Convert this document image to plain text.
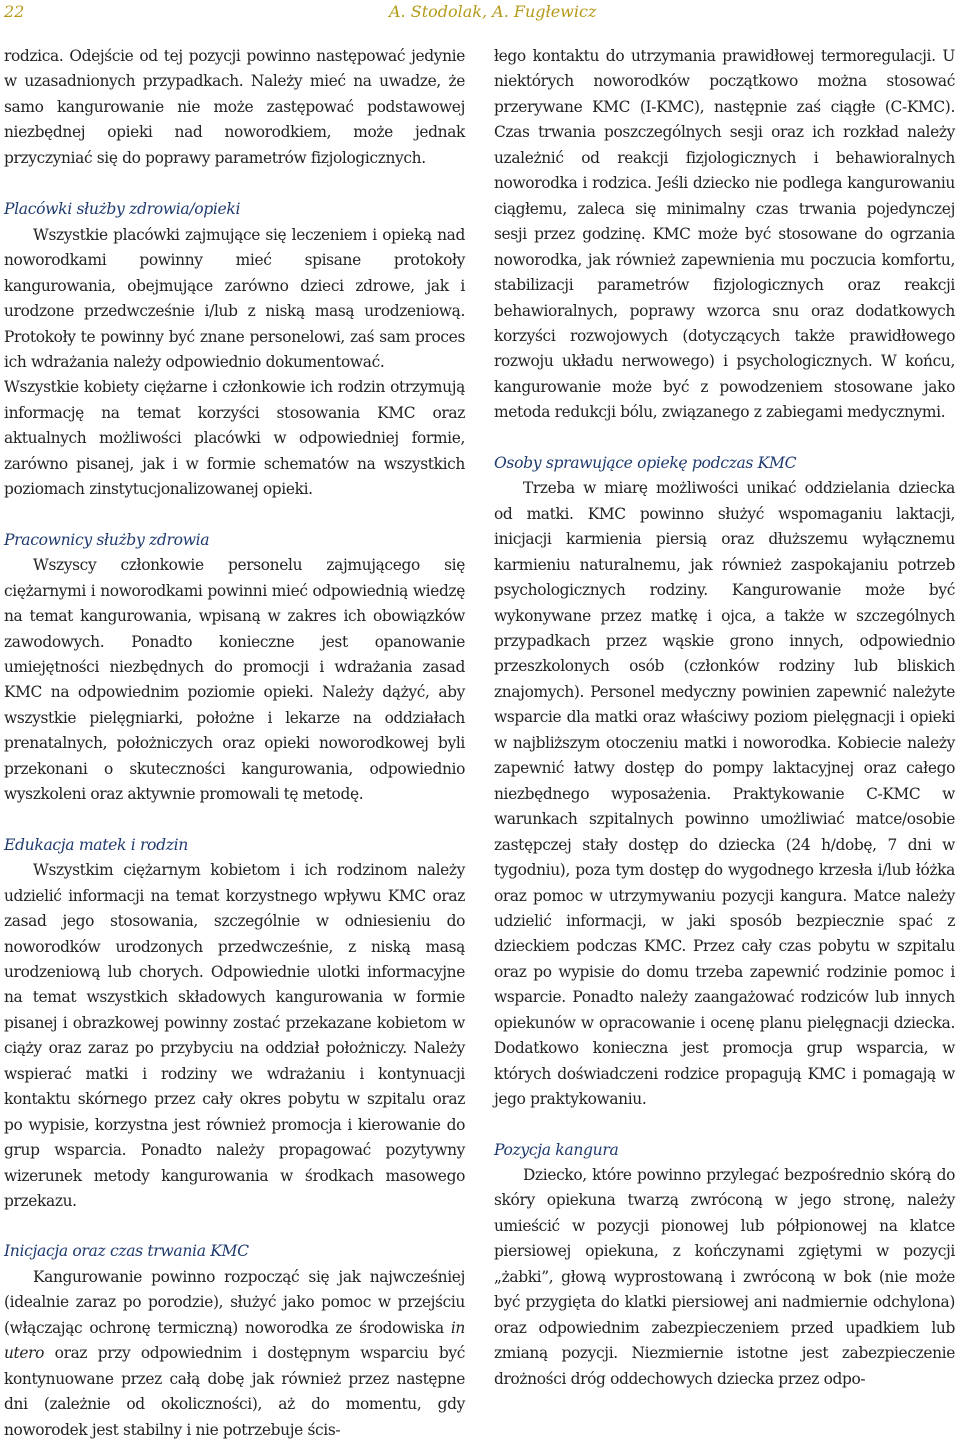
22	A. Stodolak, A. Fugłewicz

rodzica. Odejście od tej pozycji powinno następować jedynie w uzasadnionych przypadkach. Należy mieć na uwadze, że samo kangurowanie nie może zastępować podstawowej niezbędnej opieki nad noworodkiem, może jednak przyczyniać się do poprawy parametrów fizjologicznych.

Placówki służby zdrowia/opieki

Wszystkie placówki zajmujące się leczeniem i opieką nad noworodkami powinny mieć spisane protokoły kangurowania, obejmujące zarówno dzieci zdrowe, jak i urodzone przedwcześnie i/lub z niską masą urodzeniową. Protokoły te powinny być znane personelowi, zaś sam proces ich wdrażania należy odpowiednio dokumentować.

Wszystkie kobiety ciężarne i członkowie ich rodzin otrzymują informację na temat korzyści stosowania KMC oraz aktualnych możliwości placówki w odpowiedniej formie, zarówno pisanej, jak i w formie schematów na wszystkich poziomach zinstytucjonalizowanej opieki.

Pracownicy służby zdrowia

Wszyscy członkowie personelu zajmującego się ciężarnymi i noworodkami powinni mieć odpowiednią wiedzę na temat kangurowania, wpisaną w zakres ich obowiązków zawodowych. Ponadto konieczne jest opanowanie umiejętności niezbędnych do promocji i wdrażania zasad KMC na odpowiednim poziomie opieki. Należy dążyć, aby wszystkie pielęgniarki, położne i lekarze na oddziałach prenatalnych, położniczych oraz opieki noworodkowej byli przekonani o skuteczności kangurowania, odpowiednio wyszkoleni oraz aktywnie promowali tę metodę.

Edukacja matek i rodzin

Wszystkim ciężarnym kobietom i ich rodzinom należy udzielić informacji na temat korzystnego wpływu KMC oraz zasad jego stosowania, szczególnie w odniesieniu do noworodków urodzonych przedwcześnie, z niską masą urodzeniową lub chorych. Odpowiednie ulotki informacyjne na temat wszystkich składowych kangurowania w formie pisanej i obrazkowej powinny zostać przekazane kobietom w ciąży oraz zaraz po przybyciu na oddział położniczy. Należy wspierać matki i rodziny we wdrażaniu i kontynuacji kontaktu skórnego przez cały okres pobytu w szpitalu oraz po wypisie, korzystna jest również promocja i kierowanie do grup wsparcia. Ponadto należy propagować pozytywny wizerunek metody kangurowania w środkach masowego przekazu.

Inicjacja oraz czas trwania KMC

Kangurowanie powinno rozpocząć się jak najwcześniej (idealnie zaraz po porodzie), służyć jako pomoc w przejściu (włączając ochronę termiczną) noworodka ze środowiska in utero oraz przy odpowiednim i dostępnym wsparciu być kontynuowane przez całą dobę jak również przez następne dni (zależnie od okoliczności), aż do momentu, gdy noworodek jest stabilny i nie potrzebuje ścis-

łego kontaktu do utrzymania prawidłowej termoregulacji. U niektórych noworodków początkowo można stosować przerywane KMC (I-KMC), następnie zaś ciągłe (C-KMC). Czas trwania poszczególnych sesji oraz ich rozkład należy uzależnić od reakcji fizjologicznych i behawioralnych noworodka i rodzica. Jeśli dziecko nie podlega kangurowaniu ciągłemu, zaleca się minimalny czas trwania pojedynczej sesji przez godzinę. KMC może być stosowane do ogrzania noworodka, jak również zapewnienia mu poczucia komfortu, stabilizacji parametrów fizjologicznych oraz reakcji behawioralnych, poprawy wzorca snu oraz dodatkowych korzyści rozwojowych (dotyczących także prawidłowego rozwoju układu nerwowego) i psychologicznych. W końcu, kangurowanie może być z powodzeniem stosowane jako metoda redukcji bólu, związanego z zabiegami medycznymi.

Osoby sprawujące opiekę podczas KMC

Trzeba w miarę możliwości unikać oddzielania dziecka od matki. KMC powinno służyć wspomaganiu laktacji, inicjacji karmienia piersią oraz dłuższemu wyłącznemu karmieniu naturalnemu, jak również zaspokajaniu potrzeb psychologicznych rodziny. Kangurowanie może być wykonywane przez matkę i ojca, a także w szczególnych przypadkach przez wąskie grono innych, odpowiednio przeszkolonych osób (członków rodziny lub bliskich znajomych). Personel medyczny powinien zapewnić należyte wsparcie dla matki oraz właściwy poziom pielęgnacji i opieki w najbliższym otoczeniu matki i noworodka. Kobiecie należy zapewnić łatwy dostęp do pompy laktacyjnej oraz całego niezbędnego wyposażenia. Praktykowanie C-KMC w warunkach szpitalnych powinno umożliwiać matce/osobie zastępczej stały dostęp do dziecka (24 h/dobę, 7 dni w tygodniu), poza tym dostęp do wygodnego krzesła i/lub łóżka oraz pomoc w utrzymywaniu pozycji kangura. Matce należy udzielić informacji, w jaki sposób bezpiecznie spać z dzieckiem podczas KMC. Przez cały czas pobytu w szpitalu oraz po wypisie do domu trzeba zapewnić rodzinie pomoc i wsparcie. Ponadto należy zaangażować rodziców lub innych opiekunów w opracowanie i ocenę planu pielęgnacji dziecka. Dodatkowo konieczna jest promocja grup wsparcia, w których doświadczeni rodzice propagują KMC i pomagają w jego praktykowaniu.

Pozycja kangura

Dziecko, które powinno przylegać bezpośrednio skórą do skóry opiekuna twarzą zwróconą w jego stronę, należy umieścić w pozycji pionowej lub półpionowej na klatce piersiowej opiekuna, z kończynami zgiętymi w pozycji „żabki”, głową wyprostowaną i zwróconą w bok (nie może być przygięta do klatki piersiowej ani nadmiernie odchylona) oraz odpowiednim zabezpieczeniem przed upadkiem lub zmianą pozycji. Niezmiernie istotne jest zabezpieczenie drożności dróg oddechowych dziecka przez odpo-
